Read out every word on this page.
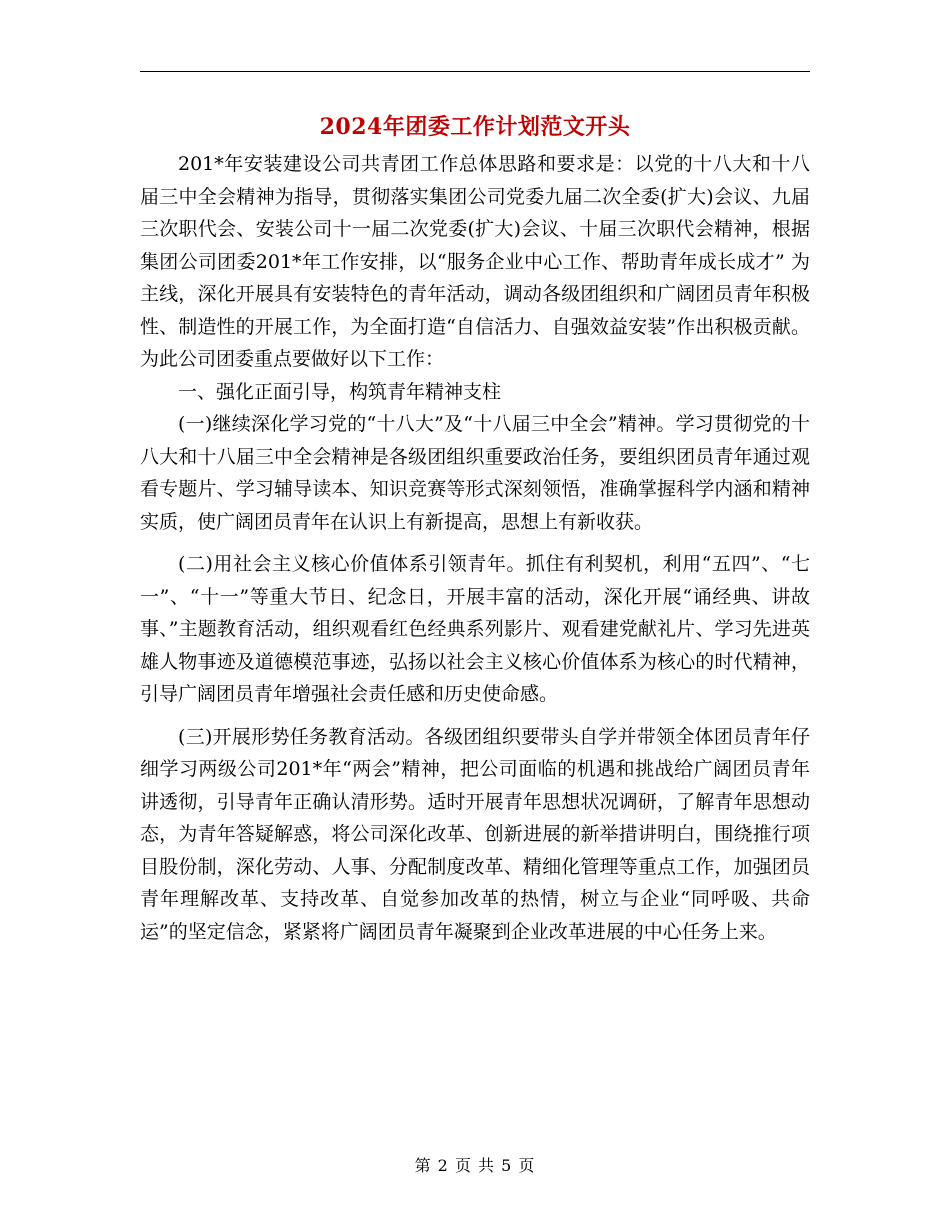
2024年团委工作计划范文开头

201*年安装建设公司共青团工作总体思路和要求是：以党的十八大和十八届三中全会精神为指导，贯彻落实集团公司党委九届二次全委(扩大)会议、九届三次职代会、安装公司十一届二次党委(扩大)会议、十届三次职代会精神，根据集团公司团委201*年工作安排，以“服务企业中心工作、帮助青年成长成才” 为主线，深化开展具有安装特色的青年活动，调动各级团组织和广阔团员青年积极性、制造性的开展工作，为全面打造“自信活力、自强效益安装”作出积极贡献。为此公司团委重点要做好以下工作：

一、强化正面引导，构筑青年精神支柱

(一)继续深化学习党的“十八大”及“十八届三中全会”精神。学习贯彻党的十八大和十八届三中全会精神是各级团组织重要政治任务，要组织团员青年通过观看专题片、学习辅导读本、知识竞赛等形式深刻领悟，准确掌握科学内涵和精神实质，使广阔团员青年在认识上有新提高，思想上有新收获。

(二)用社会主义核心价值体系引领青年。抓住有利契机，利用“五四”、“七一”、“十一”等重大节日、纪念日，开展丰富的活动，深化开展“诵经典、讲故事、”主题教育活动，组织观看红色经典系列影片、观看建党献礼片、学习先进英雄人物事迹及道德模范事迹，弘扬以社会主义核心价值体系为核心的时代精神，引导广阔团员青年增强社会责任感和历史使命感。

(三)开展形势任务教育活动。各级团组织要带头自学并带领全体团员青年仔细学习两级公司201*年“两会”精神，把公司面临的机遇和挑战给广阔团员青年讲透彻，引导青年正确认清形势。适时开展青年思想状况调研，了解青年思想动态，为青年答疑解惑，将公司深化改革、创新进展的新举措讲明白，围绕推行项目股份制，深化劳动、人事、分配制度改革、精细化管理等重点工作，加强团员青年理解改革、支持改革、自觉参加改革的热情，树立与企业“同呼吸、共命运”的坚定信念，紧紧将广阔团员青年凝聚到企业改革进展的中心任务上来。

第 2 页 共 5 页
